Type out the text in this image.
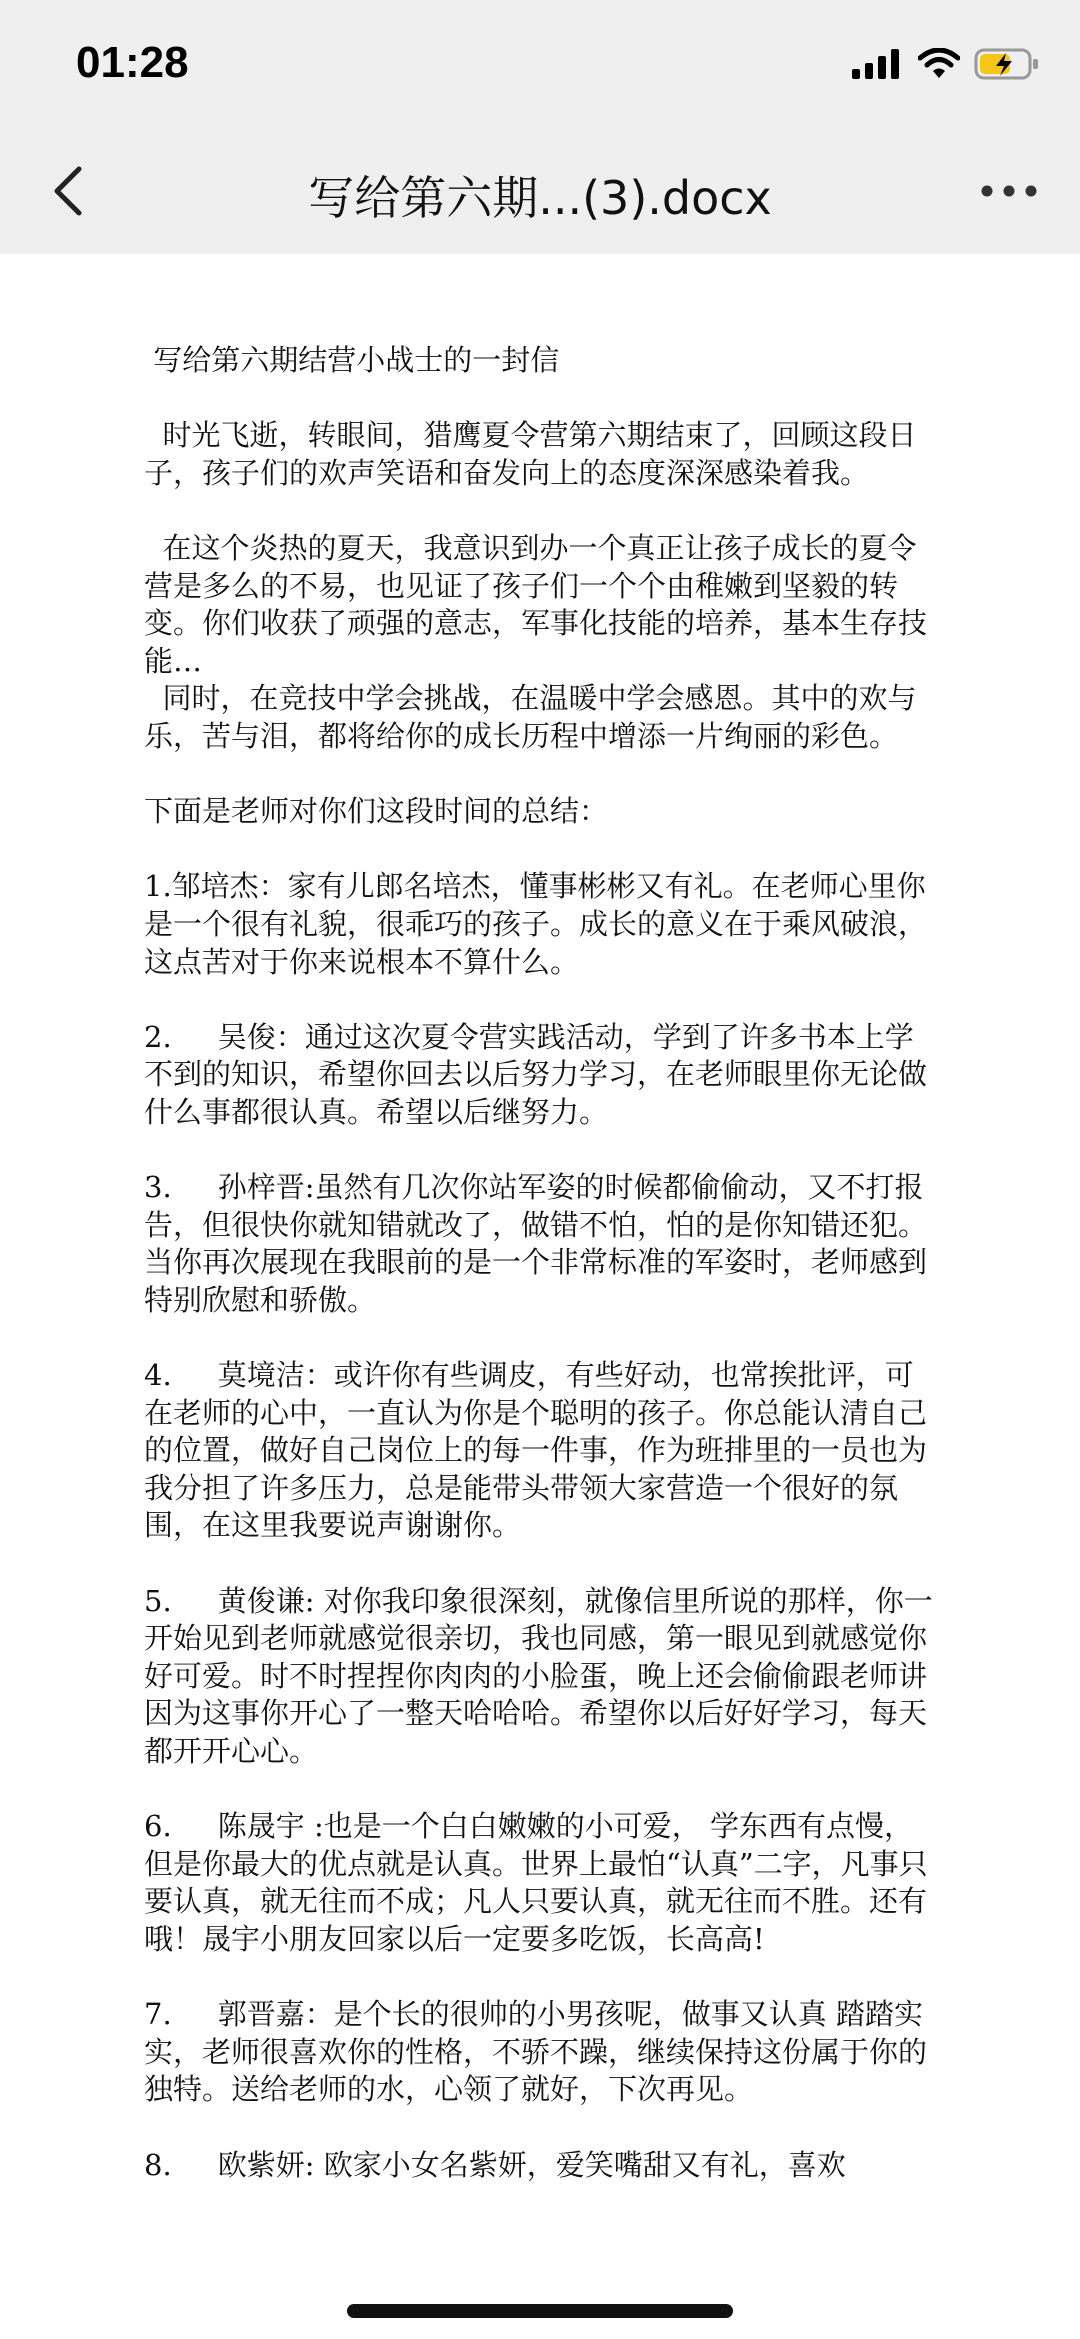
01:28
写给第六期...(3).docx

写给第六期结营小战士的一封信

时光飞逝，转眼间，猎鹰夏令营第六期结束了，回顾这段日子，孩子们的欢声笑语和奋发向上的态度深深感染着我。

在这个炎热的夏天，我意识到办一个真正让孩子成长的夏令营是多么的不易，也见证了孩子们一个个由稚嫩到坚毅的转变。你们收获了顽强的意志，军事化技能的培养，基本生存技能…

同时，在竞技中学会挑战，在温暖中学会感恩。其中的欢与乐，苦与泪，都将给你的成长历程中增添一片绚丽的彩色。

下面是老师对你们这段时间的总结：

1.邹培杰：家有儿郎名培杰，懂事彬彬又有礼。在老师心里你是一个很有礼貌，很乖巧的孩子。成长的意义在于乘风破浪，这点苦对于你来说根本不算什么。

2.     吴俊：通过这次夏令营实践活动，学到了许多书本上学不到的知识，希望你回去以后努力学习，在老师眼里你无论做什么事都很认真。希望以后继努力。

3.     孙梓晋:虽然有几次你站军姿的时候都偷偷动，又不打报告，但很快你就知错就改了，做错不怕，怕的是你知错还犯。当你再次展现在我眼前的是一个非常标准的军姿时，老师感到特别欣慰和骄傲。

4.     莫境洁：或许你有些调皮，有些好动，也常挨批评，可在老师的心中，一直认为你是个聪明的孩子。你总能认清自己的位置，做好自己岗位上的每一件事，作为班排里的一员也为我分担了许多压力，总是能带头带领大家营造一个很好的氛围，在这里我要说声谢谢你。

5.     黄俊谦: 对你我印象很深刻，就像信里所说的那样，你一开始见到老师就感觉很亲切，我也同感，第一眼见到就感觉你好可爱。时不时捏捏你肉肉的小脸蛋，晚上还会偷偷跟老师讲因为这事你开心了一整天哈哈哈。希望你以后好好学习，每天都开开心心。

6.     陈晟宇 :也是一个白白嫩嫩的小可爱， 学东西有点慢， 但是你最大的优点就是认真。世界上最怕“认真”二字，凡事只要认真，就无往而不成；凡人只要认真，就无往而不胜。还有哦！晟宇小朋友回家以后一定要多吃饭，长高高!

7.     郭晋嘉：是个长的很帅的小男孩呢，做事又认真 踏踏实实，老师很喜欢你的性格，不骄不躁，继续保持这份属于你的独特。送给老师的水，心领了就好，下次再见。

8.     欧紫妍: 欧家小女名紫妍，爱笑嘴甜又有礼，喜欢
